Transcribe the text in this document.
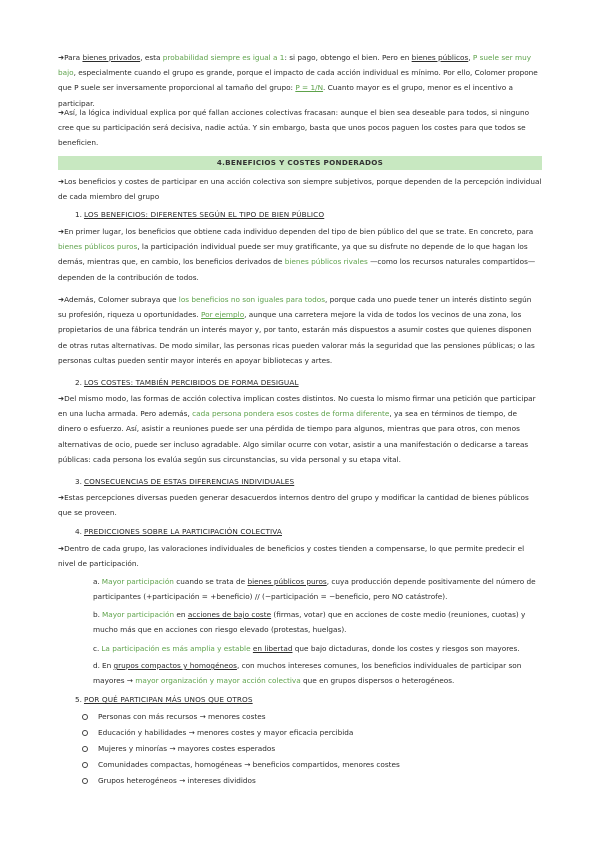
➜Para bienes privados, esta probabilidad siempre es igual a 1: si pago, obtengo el bien. Pero en bienes públicos, P suele ser muy bajo, especialmente cuando el grupo es grande, porque el impacto de cada acción individual es mínimo. Por ello, Colomer propone que P suele ser inversamente proporcional al tamaño del grupo: P = 1/N. Cuanto mayor es el grupo, menor es el incentivo a participar.

➜Así, la lógica individual explica por qué fallan acciones colectivas fracasan: aunque el bien sea deseable para todos, si ninguno cree que su participación será decisiva, nadie actúa. Y sin embargo, basta que unos pocos paguen los costes para que todos se beneficien.

4.BENEFICIOS Y COSTES PONDERADOS

➜Los beneficios y costes de participar en una acción colectiva son siempre subjetivos, porque dependen de la percepción individual de cada miembro del grupo

1. LOS BENEFICIOS: DIFERENTES SEGÚN EL TIPO DE BIEN PÚBLICO

➜En primer lugar, los beneficios que obtiene cada individuo dependen del tipo de bien público del que se trate. En concreto, para bienes públicos puros, la participación individual puede ser muy gratificante, ya que su disfrute no depende de lo que hagan los demás, mientras que, en cambio, los beneficios derivados de bienes públicos rivales —como los recursos naturales compartidos— dependen de la contribución de todos.

➜Además, Colomer subraya que los beneficios no son iguales para todos, porque cada uno puede tener un interés distinto según su profesión, riqueza u oportunidades. Por ejemplo, aunque una carretera mejore la vida de todos los vecinos de una zona, los propietarios de una fábrica tendrán un interés mayor y, por tanto, estarán más dispuestos a asumir costes que quienes disponen de otras rutas alternativas. De modo similar, las personas ricas pueden valorar más la seguridad que las pensiones públicas; o las personas cultas pueden sentir mayor interés en apoyar bibliotecas y artes.

2. LOS COSTES: TAMBIÉN PERCIBIDOS DE FORMA DESIGUAL

➜Del mismo modo, las formas de acción colectiva implican costes distintos. No cuesta lo mismo firmar una petición que participar en una lucha armada. Pero además, cada persona pondera esos costes de forma diferente, ya sea en términos de tiempo, de dinero o esfuerzo. Así, asistir a reuniones puede ser una pérdida de tiempo para algunos, mientras que para otros, con menos alternativas de ocio, puede ser incluso agradable. Algo similar ocurre con votar, asistir a una manifestación o dedicarse a tareas públicas: cada persona los evalúa según sus circunstancias, su vida personal y su etapa vital.

3. CONSECUENCIAS DE ESTAS DIFERENCIAS INDIVIDUALES

➜Estas percepciones diversas pueden generar desacuerdos internos dentro del grupo y modificar la cantidad de bienes públicos que se proveen.

4. PREDICCIONES SOBRE LA PARTICIPACIÓN COLECTIVA

➜Dentro de cada grupo, las valoraciones individuales de beneficios y costes tienden a compensarse, lo que permite predecir el nivel de participación.

a. Mayor participación cuando se trata de bienes públicos puros, cuya producción depende positivamente del número de participantes (+participación = +beneficio) // (−participación = −beneficio, pero NO catástrofe).

b. Mayor participación en acciones de bajo coste (firmas, votar) que en acciones de coste medio (reuniones, cuotas) y mucho más que en acciones con riesgo elevado (protestas, huelgas).

c. La participación es más amplia y estable en libertad que bajo dictaduras, donde los costes y riesgos son mayores.

d. En grupos compactos y homogéneos, con muchos intereses comunes, los beneficios individuales de participar son mayores → mayor organización y mayor acción colectiva que en grupos dispersos o heterogéneos.

5. POR QUÉ PARTICIPAN MÁS UNOS QUE OTROS

Personas con más recursos → menores costes
Educación y habilidades → menores costes y mayor eficacia percibida
Mujeres y minorías → mayores costes esperados
Comunidades compactas, homogéneas → beneficios compartidos, menores costes
Grupos heterogéneos → intereses divididos
